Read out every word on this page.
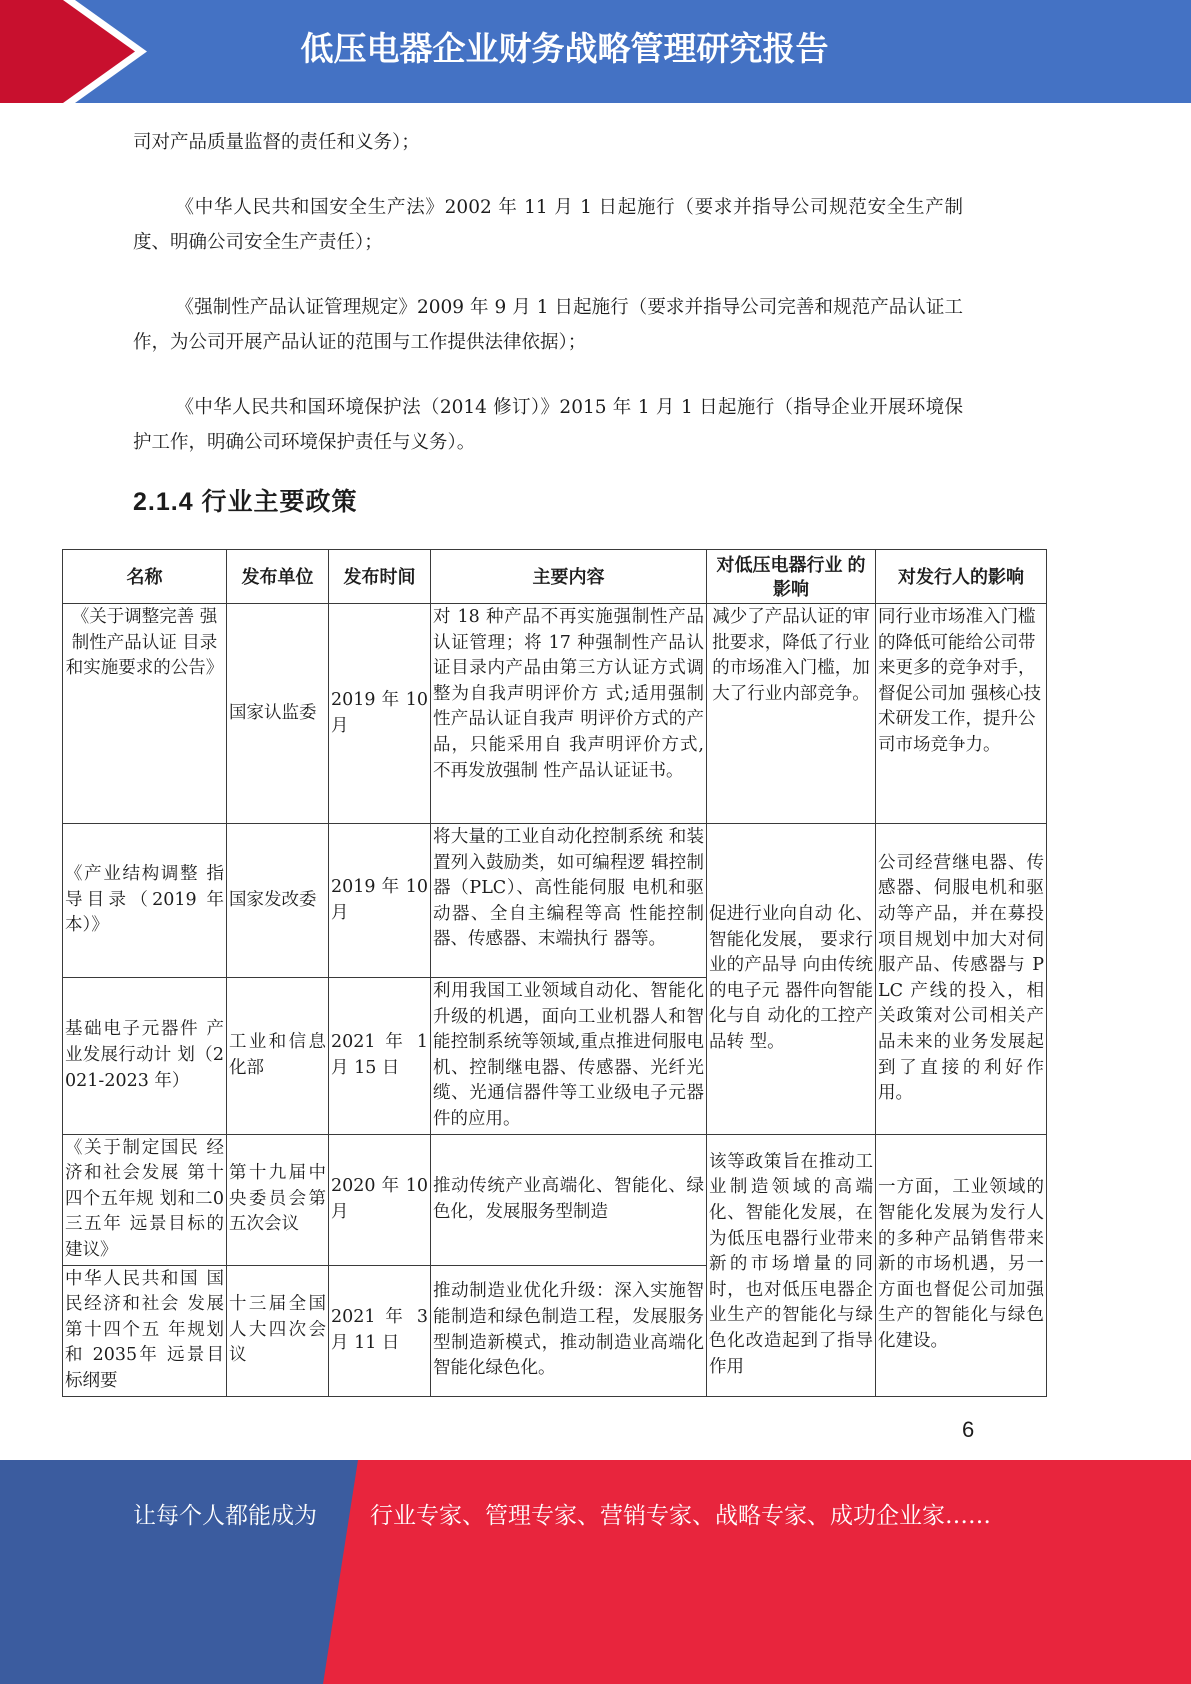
低压电器企业财务战略管理研究报告

司对产品质量监督的责任和义务）；

《中华人民共和国安全生产法》2002 年 11 月 1 日起施行（要求并指导公司规范安全生产制度、明确公司安全生产责任）；

《强制性产品认证管理规定》2009 年 9 月 1 日起施行（要求并指导公司完善和规范产品认证工作，为公司开展产品认证的范围与工作提供法律依据）；

《中华人民共和国环境保护法（2014 修订）》2015 年 1 月 1 日起施行（指导企业开展环境保护工作，明确公司环境保护责任与义务）。

2.1.4 行业主要政策
名称	发布单位	发布时间	主要内容	对低压电器行业 的影响	对发行人的影响
《关于调整完善 强制性产品认证 目录和实施要求的公告》	国家认监委	2019 年 10 月	对 18 种产品不再实施强制性产品认证管理；将 17 种强制性产品认证目录内产品由第三方认证方式调整为自我声明评价方 式;适用强制性产品认证自我声 明评价方式的产品，只能采用自 我声明评价方式,不再发放强制 性产品认证证书。	减少了产品认证的审批要求，降低了行业的市场准入门槛，加大了行业内部竞争。	同行业市场准入门槛的降低可能给公司带来更多的竞争对手，督促公司加 强核心技术研发工作，提升公司市场竞争力。
《产业结构调整 指导目录（2019 年本）》	国家发改委	2019 年 10 月	将大量的工业自动化控制系统 和装置列入鼓励类，如可编程逻 辑控制器（PLC）、高性能伺服 电机和驱动器、全自主编程等高 性能控制器、传感器、末端执行 器等。	促进行业向自动 化、智能化发展， 要求行业的产品导 向由传统的电子元 器件向智能化与自 动化的工控产品转 型。	公司经营继电器、传感器、伺服电机和驱动等产品，并在募投项目规划中加大对伺服产品、传感器与 PLC 产线的投入，相关政策对公司相关产品未来的业务发展起到了直接的利好作 用。
基础电子元器件 产业发展行动计 划（2021-2023 年）	工业和信息化部	2021 年 1 月 15 日	利用我国工业领域自动化、智能化升级的机遇，面向工业机器人和智能控制系统等领域,重点推进伺服电机、控制继电器、传感器、光纤光缆、光通信器件等工业级电子元器件的应用。		
《关于制定国民 经济和社会发展 第十四个五年规 划和二0三五年 远景目标的建议》	第十九届中央委员会第五次会议	2020 年 10 月	推动传统产业高端化、智能化、绿色化，发展服务型制造	该等政策旨在推动工业制造领域的高端化、智能化发展，在为低压电器行业带来新的市场增量的同时，也对低压电器企业生产的智能化与绿色化改造起到了指导作用	一方面，工业领域的智能化发展为发行人的多种产品销售带来新的市场机遇，另一方面也督促公司加强生产的智能化与绿色化建设。
中华人民共和国 国民经济和社会 发展第十四个五 年规划和 2035年 远景目标纲要	十三届全国人大四次会议	2021 年 3 月 11 日	推动制造业优化升级：深入实施智能制造和绿色制造工程，发展服务型制造新模式，推动制造业高端化智能化绿色化。		
6
让每个人都能成为 行业专家、管理专家、营销专家、战略专家、成功企业家……
